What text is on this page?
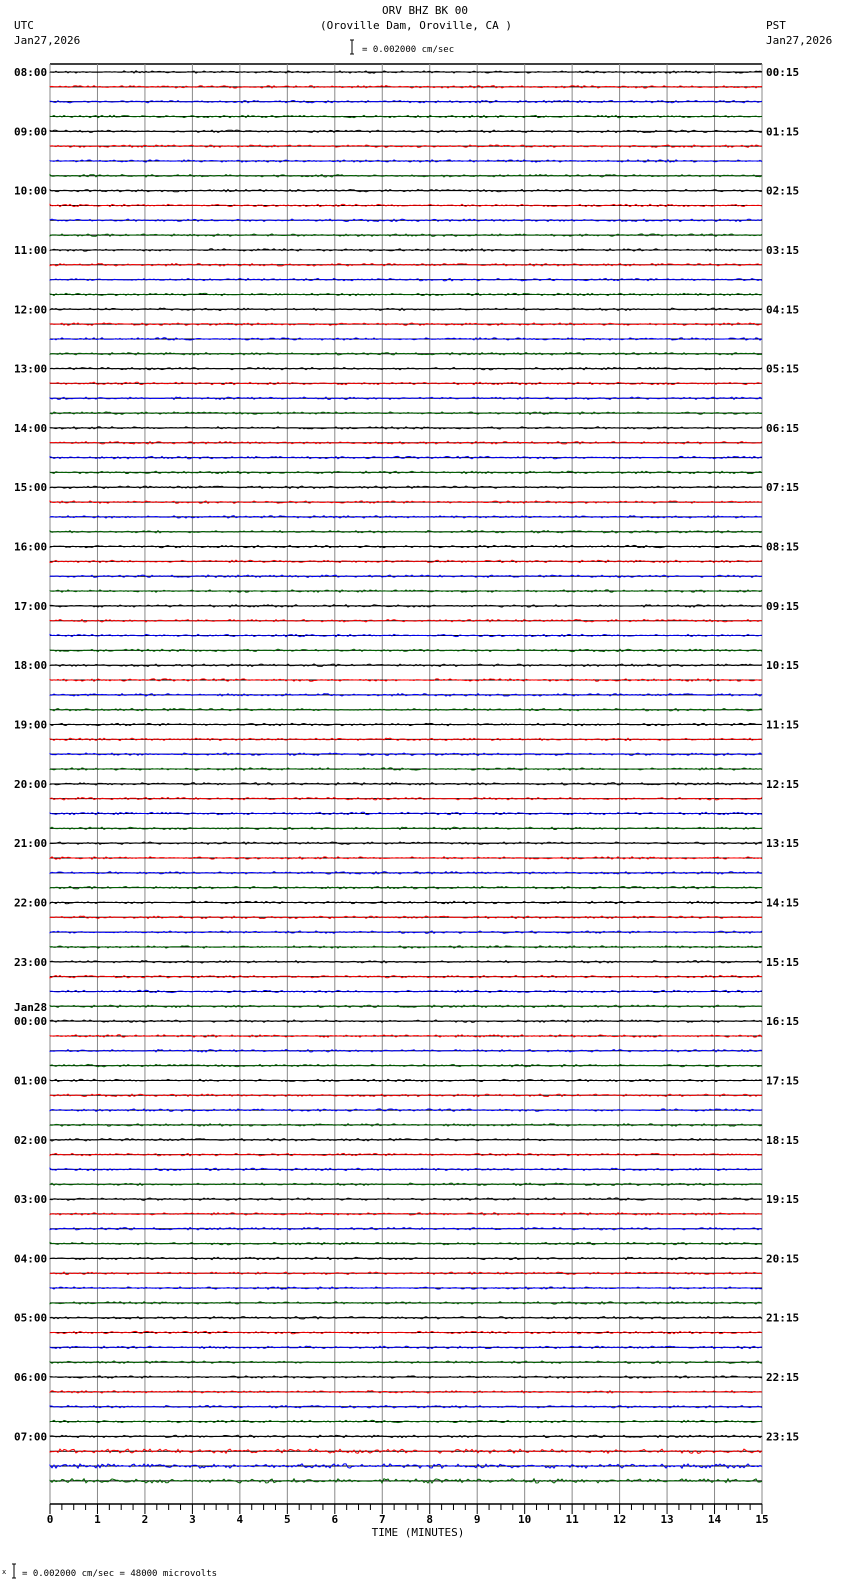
ORV BHZ BK 00
(Oroville Dam, Oroville, CA )
UTC
Jan27,2026
PST
Jan27,2026
= 0.002000 cm/sec
08:00	00:15
09:00	01:15
10:00	02:15
11:00	03:15
12:00	04:15
13:00	05:15
14:00	06:15
15:00	07:15
16:00	08:15
17:00	09:15
18:00	10:15
19:00	11:15
20:00	12:15
21:00	13:15
22:00	14:15
23:00	15:15
00:00	16:15
01:00	17:15
02:00	18:15
03:00	19:15
04:00	20:15
05:00	21:15
06:00	22:15
07:00	23:15
Jan28
0	1	2	3	4	5	6	7	8	9	10	11	12	13	14	15
TIME (MINUTES)
x = 0.002000 cm/sec = 48000 microvolts
